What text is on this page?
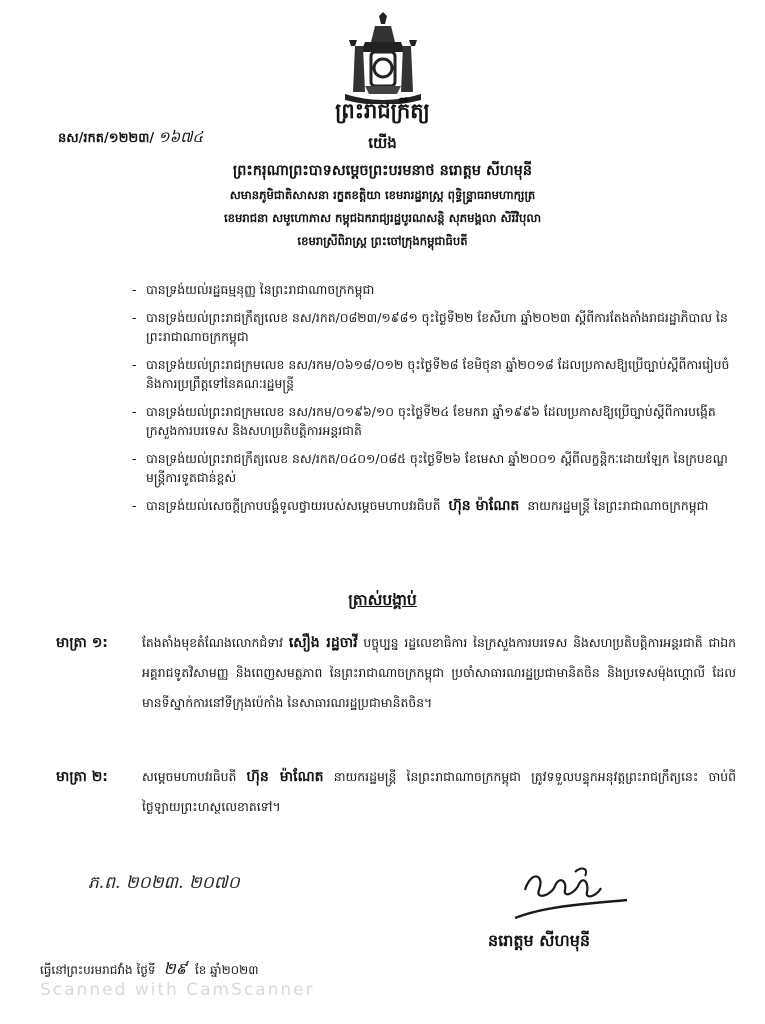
ព្រះរាជក្រឹត្យ
នស/រកត/១២២៣/ ១៦៧៤	យើង
ព្រះករុណាព្រះបាទសម្ដេចព្រះបរមនាថ នរោត្ដម សីហមុនី
សមានភូមិជាតិសាសនា រក្ខតខត្តិយា ខេមរារដ្ឋរាស្ត្រ ពុទ្ធិន្ទ្រាធរាមហាក្សត្រ
ខេមរាជនា សមូហោភាស កម្ពុជឯករាជ្យរដ្ឋបូរណសន្តិ សុភមង្គលា សិរីវិបុលា
ខេមរាស្រីពិរាស្ត្រ ព្រះចៅក្រុងកម្ពុជាធិបតី
- បានទ្រង់យល់រដ្ឋធម្មនុញ្ញ នៃព្រះរាជាណាចក្រកម្ពុជា
- បានទ្រង់យល់ព្រះរាជក្រឹត្យលេខ នស/រកត/០៨២៣/១៩៨១ ចុះថ្ងៃទី២២ ខែសីហា ឆ្នាំ២០២៣ ស្ដីពីការតែងតាំងរាជរដ្ឋាភិបាល នៃព្រះរាជាណាចក្រកម្ពុជា
- បានទ្រង់យល់ព្រះរាជក្រមលេខ នស/រកម/០៦១៨/០១២ ចុះថ្ងៃទី២៨ ខែមិថុនា ឆ្នាំ២០១៨ ដែលប្រកាសឱ្យប្រើច្បាប់ស្ដីពីការរៀបចំ និងការប្រព្រឹត្តទៅនៃគណៈរដ្ឋមន្ត្រី
- បានទ្រង់យល់ព្រះរាជក្រមលេខ នស/រកម/០១៩៦/១០ ចុះថ្ងៃទី២៤ ខែមករា ឆ្នាំ១៩៩៦ ដែលប្រកាសឱ្យប្រើច្បាប់ស្ដីពីការបង្កើតក្រសួងការបរទេស និងសហប្រតិបត្តិការអន្តរជាតិ
- បានទ្រង់យល់ព្រះរាជក្រឹត្យលេខ នស/រកត/០៤០១/០៨៥ ចុះថ្ងៃទី២៦ ខែមេសា ឆ្នាំ២០០១ ស្ដីពីលក្ខន្តិកៈដោយឡែក នៃក្របខណ្ឌមន្ត្រីការទូតជាន់ខ្ពស់
- បានទ្រង់យល់សេចក្តីក្រាបបង្គំទូលថ្វាយរបស់សម្ដេចមហាបវរធិបតី ហ៊ុន ម៉ាណែត នាយករដ្ឋមន្ត្រី នៃព្រះរាជាណាចក្រកម្ពុជា
ត្រាស់បង្គាប់
មាត្រា ១:	តែងតាំងមុខតំណែងលោកជំទាវ សឿង រដ្ឋចាវី បច្ចុប្បន្ន រដ្ឋលេខាធិការ នៃក្រសួងការបរទេស និងសហប្រតិបត្តិការអន្តរជាតិ ជាឯកអគ្គរាជទូតវិសាមញ្ញ និងពេញសមត្ថភាព នៃព្រះរាជាណាចក្រកម្ពុជា ប្រចាំសាធារណរដ្ឋប្រជាមានិតចិន និងប្រទេសម៉ុងហ្គោលី ដែលមានទីស្នាក់ការនៅទីក្រុងប៉េកាំង នៃសាធារណរដ្ឋប្រជាមានិតចិន។
មាត្រា ២:	សម្ដេចមហាបវរធិបតី ហ៊ុន ម៉ាណែត នាយករដ្ឋមន្ត្រី នៃព្រះរាជាណាចក្រកម្ពុជា ត្រូវទទួលបន្ទុកអនុវត្តព្រះរាជក្រឹត្យនេះ ចាប់ពីថ្ងៃឡាយព្រះហស្ថលេខាតទៅ។
ភ.ព. ២០២៣. ២០៧០
នរោត្ដម សីហមុនី
ធ្វើនៅព្រះបរមរាជវាំង ថ្ងៃទី ២៩ ខែ ឆ្នាំ២០២៣
Scanned with CamScanner
